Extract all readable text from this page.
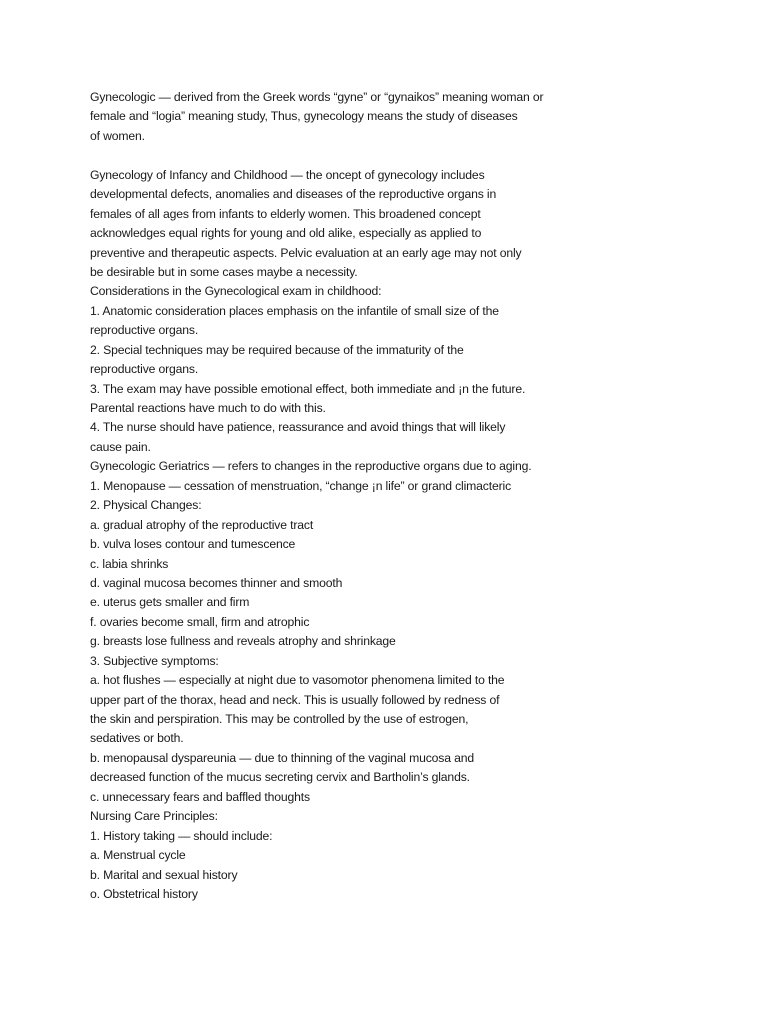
Gynecologic — derived from the Greek words “gyne” or “gynaikos” meaning woman or
female and “logia” meaning study, Thus, gynecology means the study of diseases
of women.
Gynecology of Infancy and Childhood — the oncept of gynecology includes
developmental defects, anomalies and diseases of the reproductive organs in
females of all ages from infants to elderly women. This broadened concept
acknowledges equal rights for young and old alike, especially as applied to
preventive and therapeutic aspects. Pelvic evaluation at an early age may not only
be desirable but in some cases maybe a necessity.
Considerations in the Gynecological exam in childhood:
1. Anatomic consideration places emphasis on the infantile of small size of the
reproductive organs.
2. Special techniques may be required because of the immaturity of the
reproductive organs.
3. The exam may have possible emotional effect, both immediate and ¡n the future.
Parental reactions have much to do with this.
4. The nurse should have patience, reassurance and avoid things that will likely
cause pain.
Gynecologic Geriatrics — refers to changes in the reproductive organs due to aging.
1. Menopause — cessation of menstruation, “change ¡n life” or grand climacteric
2. Physical Changes:
a. gradual atrophy of the reproductive tract
b. vulva loses contour and tumescence
c. labia shrinks
d. vaginal mucosa becomes thinner and smooth
e. uterus gets smaller and firm
f. ovaries become small, firm and atrophic
g. breasts lose fullness and reveals atrophy and shrinkage
3. Subjective symptoms:
a. hot flushes — especially at night due to vasomotor phenomena limited to the
upper part of the thorax, head and neck. This is usually followed by redness of
the skin and perspiration. This may be controlled by the use of estrogen,
sedatives or both.
b. menopausal dyspareunia — due to thinning of the vaginal mucosa and
decreased function of the mucus secreting cervix and Bartholin’s glands.
c. unnecessary fears and baffled thoughts
Nursing Care Principles:
1. History taking — should include:
a. Menstrual cycle
b. Marital and sexual history
o. Obstetrical history
